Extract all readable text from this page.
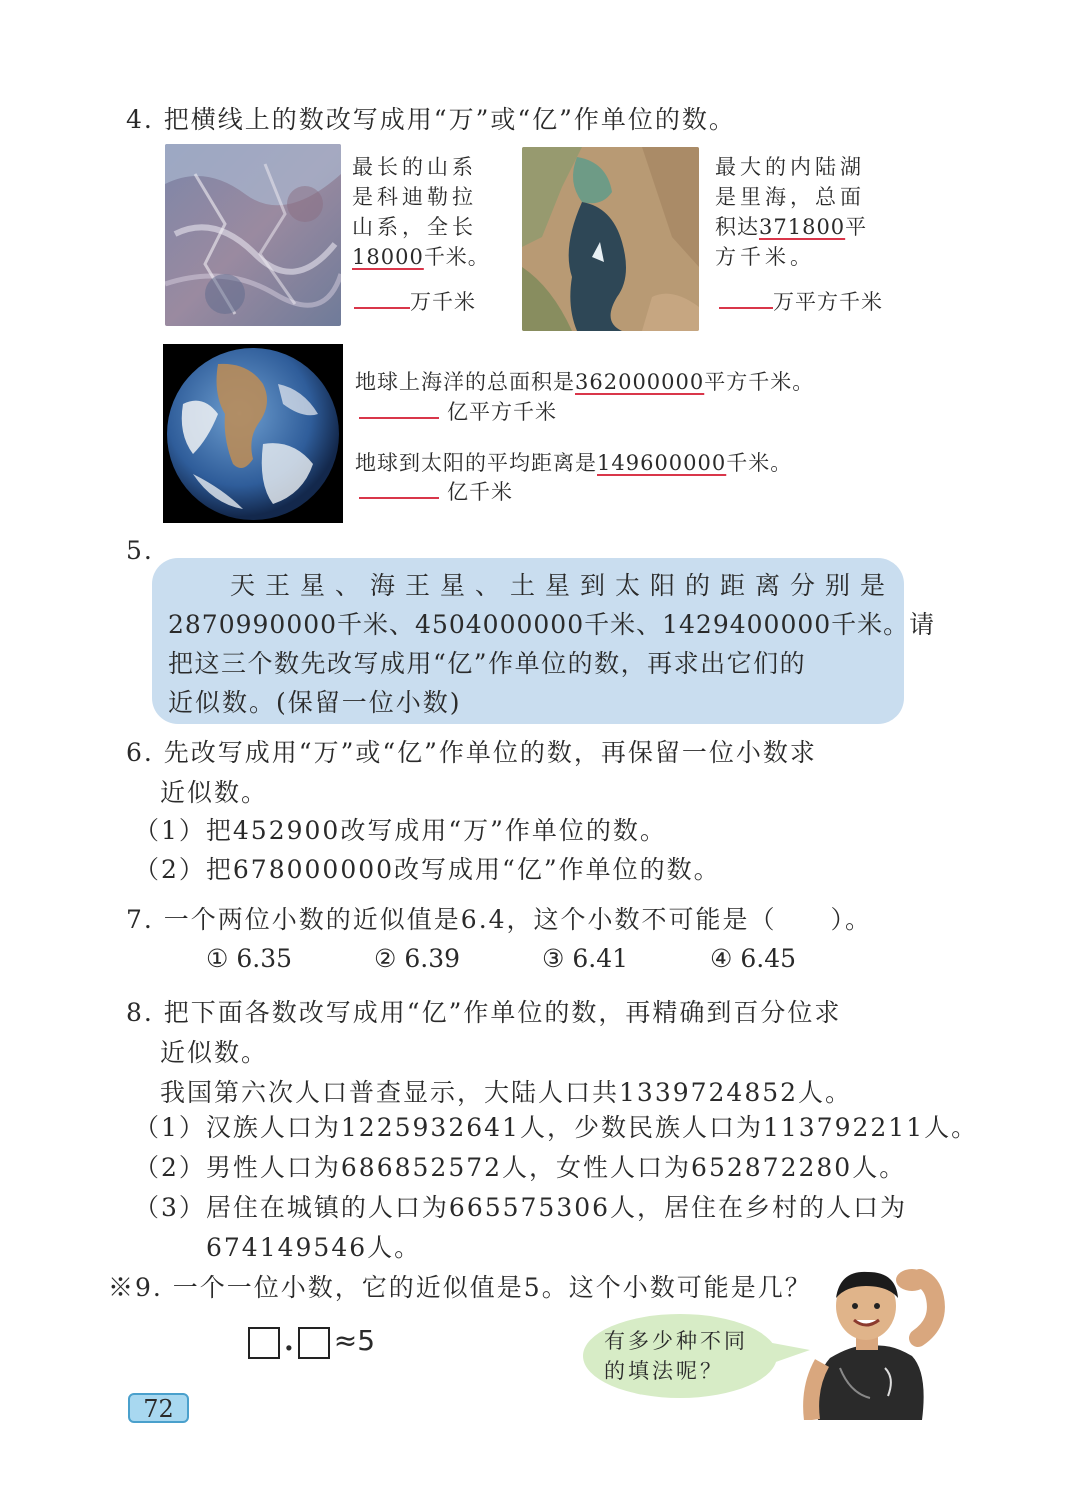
4. 把横线上的数改写成用“万”或“亿”作单位的数。
最长的山系
是科迪勒拉
山系，全长
18000千米。
万千米
最大的内陆湖
是里海，总面
积达371800平
方千米。
万平方千米
地球上海洋的总面积是362000000平方千米。
亿平方千米
地球到太阳的平均距离是149600000千米。
亿千米
5.
天王星、海王星、土星到太阳的距离分别是
2870990000千米、4504000000千米、1429400000千米。请
把这三个数先改写成用“亿”作单位的数，再求出它们的
近似数。(保留一位小数)
6. 先改写成用“万”或“亿”作单位的数，再保留一位小数求
近似数。
（1）把452900改写成用“万”作单位的数。
（2）把678000000改写成用“亿”作单位的数。
7. 一个两位小数的近似值是6.4，这个小数不可能是（　　）。
① 6.35	② 6.39	③ 6.41	④ 6.45
8. 把下面各数改写成用“亿”作单位的数，再精确到百分位求
近似数。
我国第六次人口普查显示，大陆人口共1339724852人。
（1）汉族人口为1225932641人，少数民族人口为113792211人。
（2）男性人口为686852572人，女性人口为652872280人。
（3）居住在城镇的人口为665575306人，居住在乡村的人口为
674149546人。
※9. 一个一位小数，它的近似值是5。这个小数可能是几？
. ≈5	有多少种不同
的填法呢？
72
